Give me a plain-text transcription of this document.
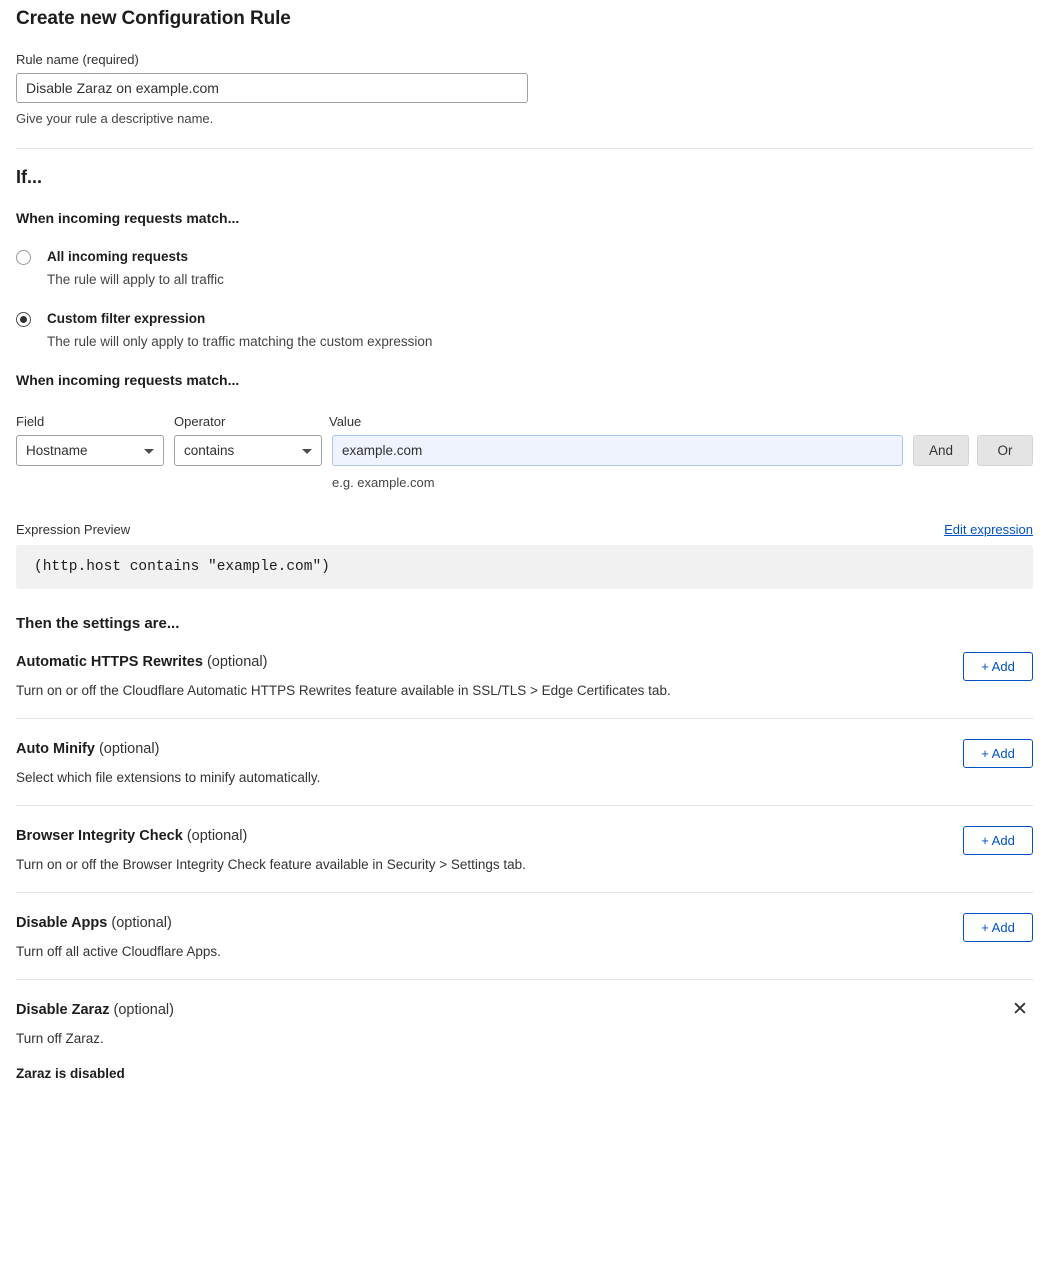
Create new Configuration Rule
Rule name (required)
Disable Zaraz on example.com
Give your rule a descriptive name.
If...
When incoming requests match...
All incoming requests
The rule will apply to all traffic
Custom filter expression
The rule will only apply to traffic matching the custom expression
When incoming requests match...
Field	Operator	Value
Hostname	contains
example.com
e.g. example.com
And	Or
Expression Preview	Edit expression
(http.host contains "example.com")
Then the settings are...
Automatic HTTPS Rewrites (optional)
Turn on or off the Cloudflare Automatic HTTPS Rewrites feature available in SSL/TLS > Edge Certificates tab.
+ Add
Auto Minify (optional)
Select which file extensions to minify automatically.
+ Add
Browser Integrity Check (optional)
Turn on or off the Browser Integrity Check feature available in Security > Settings tab.
+ Add
Disable Apps (optional)
Turn off all active Cloudflare Apps.
+ Add
Disable Zaraz (optional)
Turn off Zaraz.
Zaraz is disabled
✕
